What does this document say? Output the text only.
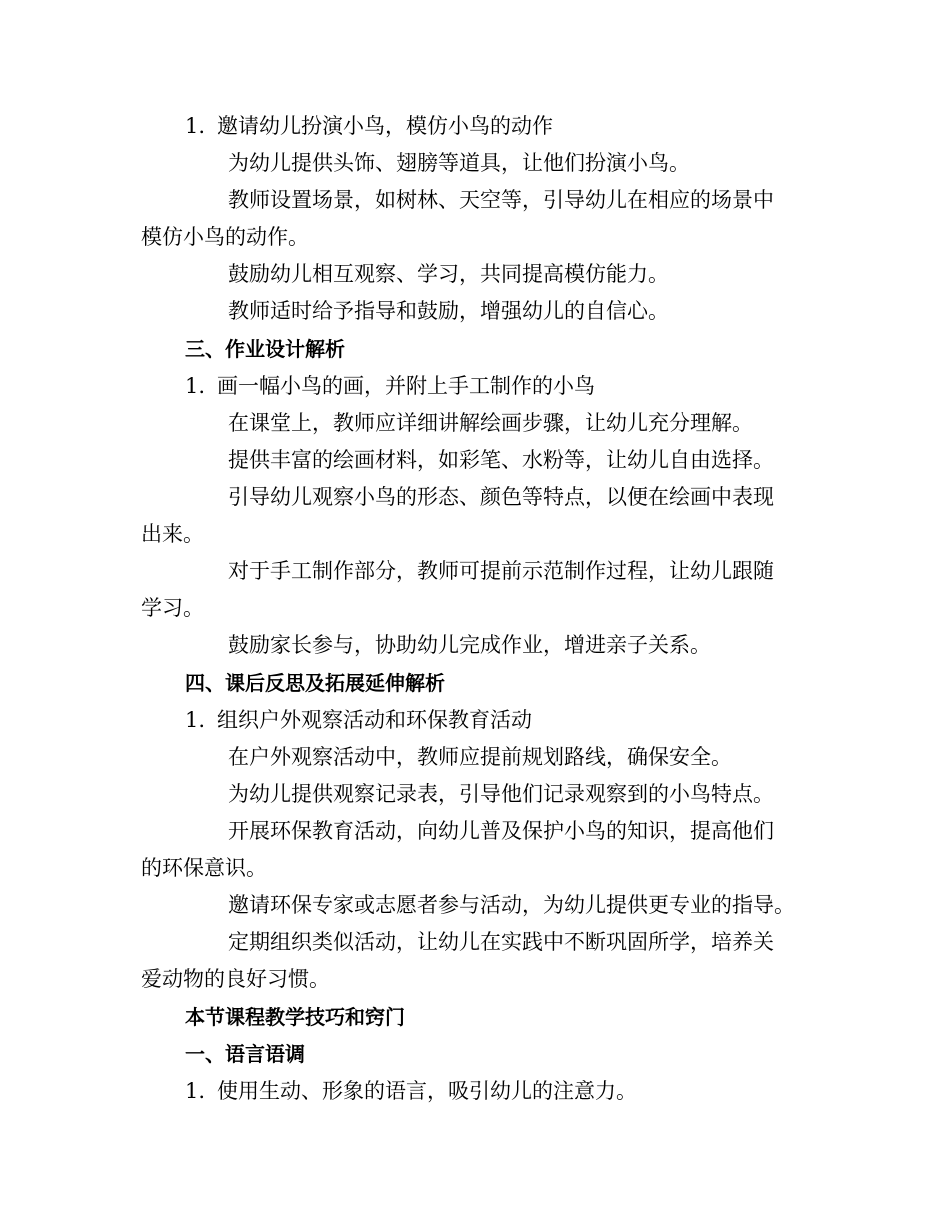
1. 邀请幼儿扮演小鸟，模仿小鸟的动作
为幼儿提供头饰、翅膀等道具，让他们扮演小鸟。
教师设置场景，如树林、天空等，引导幼儿在相应的场景中
模仿小鸟的动作。
鼓励幼儿相互观察、学习，共同提高模仿能力。
教师适时给予指导和鼓励，增强幼儿的自信心。
三、作业设计解析
1. 画一幅小鸟的画，并附上手工制作的小鸟
在课堂上，教师应详细讲解绘画步骤，让幼儿充分理解。
提供丰富的绘画材料，如彩笔、水粉等，让幼儿自由选择。
引导幼儿观察小鸟的形态、颜色等特点，以便在绘画中表现
出来。
对于手工制作部分，教师可提前示范制作过程，让幼儿跟随
学习。
鼓励家长参与，协助幼儿完成作业，增进亲子关系。
四、课后反思及拓展延伸解析
1. 组织户外观察活动和环保教育活动
在户外观察活动中，教师应提前规划路线，确保安全。
为幼儿提供观察记录表，引导他们记录观察到的小鸟特点。
开展环保教育活动，向幼儿普及保护小鸟的知识，提高他们
的环保意识。
邀请环保专家或志愿者参与活动，为幼儿提供更专业的指导。
定期组织类似活动，让幼儿在实践中不断巩固所学，培养关
爱动物的良好习惯。
本节课程教学技巧和窍门
一、语言语调
1. 使用生动、形象的语言，吸引幼儿的注意力。
